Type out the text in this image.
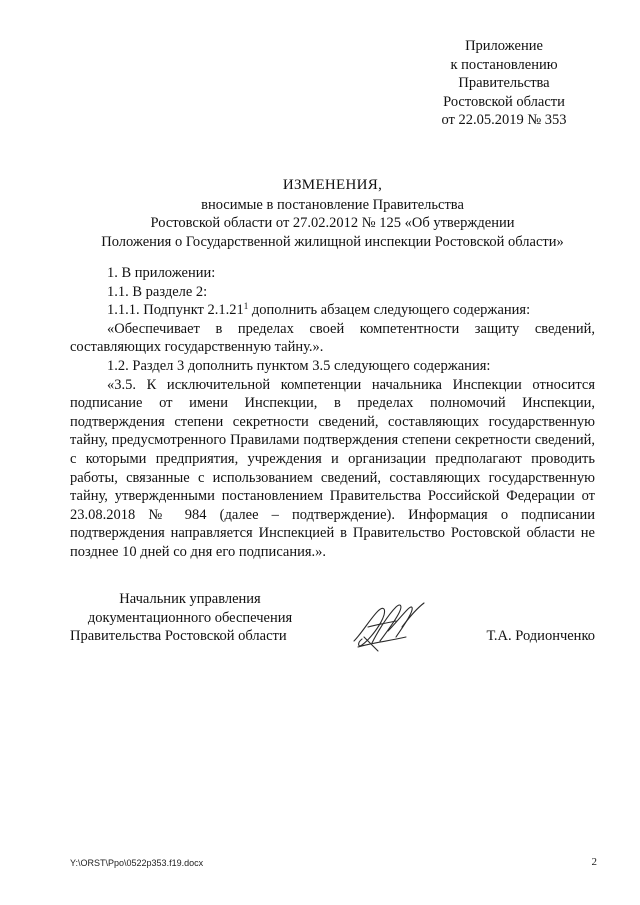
Приложение
к постановлению
Правительства
Ростовской области
от 22.05.2019 № 353
ИЗМЕНЕНИЯ,
вносимые в постановление Правительства
Ростовской области от 27.02.2012 № 125 «Об утверждении
Положения о Государственной жилищной инспекции Ростовской области»
1. В приложении:
1.1. В разделе 2:
1.1.1. Подпункт 2.1.21$^1$ дополнить абзацем следующего содержания:
«Обеспечивает в пределах своей компетентности защиту сведений, составляющих государственную тайну.».
1.2. Раздел 3 дополнить пунктом 3.5 следующего содержания:
«3.5. К исключительной компетенции начальника Инспекции относится подписание от имени Инспекции, в пределах полномочий Инспекции, подтверждения степени секретности сведений, составляющих государственную тайну, предусмотренного Правилами подтверждения степени секретности сведений, с которыми предприятия, учреждения и организации предполагают проводить работы, связанные с использованием сведений, составляющих государственную тайну, утвержденными постановлением Правительства Российской Федерации от 23.08.2018 № 984 (далее – подтверждение). Информация о подписании подтверждения направляется Инспекцией в Правительство Ростовской области не позднее 10 дней со дня его подписания.».
Начальник управления
документационного обеспечения
Правительства Ростовской области	Т.А. Родионченко
Y:\ORST\Ppo\0522p353.f19.docx	2
